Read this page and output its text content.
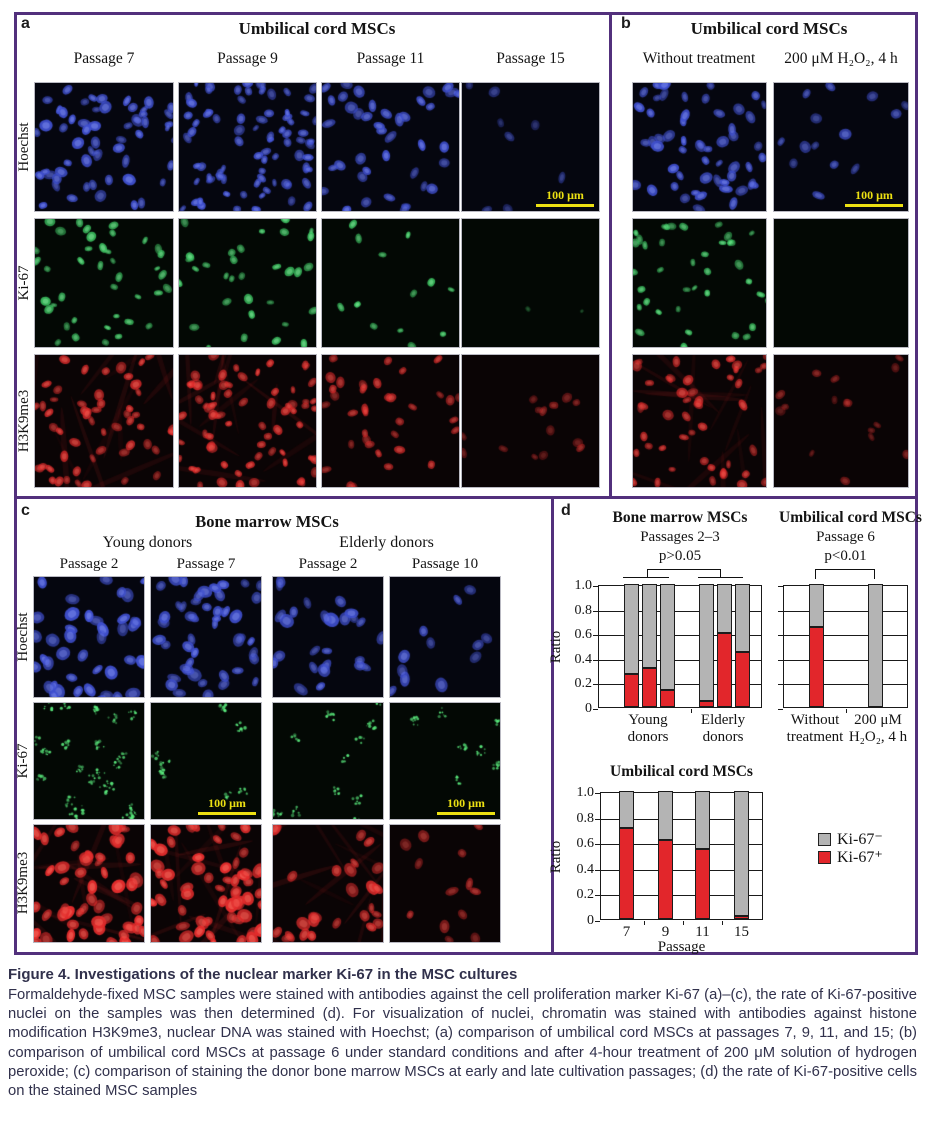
a	Umbilical cord MSCs
Passage 7	Passage 9	Passage 11	Passage 15
Hoechst
Ki-67
H3K9me3
b	Umbilical cord MSCs
Without treatment	200 μM H₂O₂, 4 h
c
Bone marrow MSCs
Young donors	Elderly donors
Passage 2	Passage 7	Passage 2	Passage 10
Hoechst
Ki-67
H3K9me3
100 μm	100 μm
100 μm	100 μm
d	Bone marrow MSCs
Passages 2–3
p>0.05
Umbilical cord MSCs
Passage 6
p<0.01
Umbilical cord MSCs
Ratio
Ratio
0
0.2
0.4
0.6
0.8
1.0
0
0.2
0.4
0.6
0.8
1.0
7	9	11	15
Young donors
Elderly donors
Without treatment
200 μM H₂O₂, 4 h
Passage
Ki-67⁻
Ki-67⁺
Figure 4. Investigations of the nuclear marker Ki-67 in the MSC cultures
Formaldehyde-fixed MSC samples were stained with antibodies against the cell proliferation marker Ki-67 (a)–(c), the rate of Ki-67-positive nuclei on the samples was then determined (d). For visualization of nuclei, chromatin was stained with antibodies against histone modification H3K9me3, nuclear DNA was stained with Hoechst; (a) comparison of umbilical cord MSCs at passages 7, 9, 11, and 15; (b) comparison of umbilical cord MSCs at passage 6 under standard conditions and after 4-hour treatment of 200 μM solution of hydrogen peroxide; (c) comparison of staining the donor bone marrow MSCs at early and late cultivation passages; (d) the rate of Ki-67-positive cells on the stained MSC samples
